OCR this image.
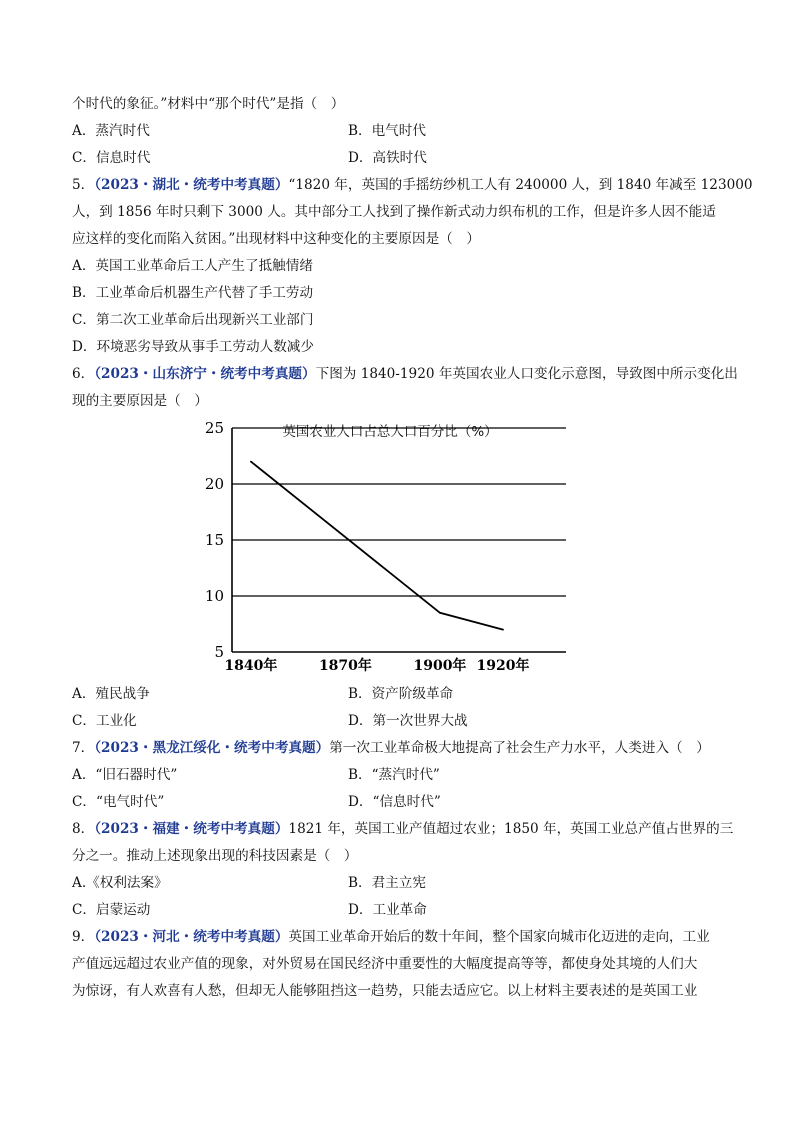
个时代的象征。”材料中“那个时代”是指（　）
A．蒸汽时代	B．电气时代
C．信息时代	D．高铁时代
5．（2023・湖北・统考中考真题）“1820 年，英国的手摇纺纱机工人有 240000 人，到 1840 年减至 123000
人，到 1856 年时只剩下 3000 人。其中部分工人找到了操作新式动力织布机的工作，但是许多人因不能适
应这样的变化而陷入贫困。”出现材料中这种变化的主要原因是（　）
A．英国工业革命后工人产生了抵触情绪
B．工业革命后机器生产代替了手工劳动
C．第二次工业革命后出现新兴工业部门
D．环境恶劣导致从事手工劳动人数减少
6．（2023・山东济宁・统考中考真题）下图为 1840-1920 年英国农业人口变化示意图，导致图中所示变化出
现的主要原因是（　）
英国农业人口占总人口百分比（%）
5
10
15
20
25
1840年	1870年	1900年 1920年
A．殖民战争	B．资产阶级革命
C．工业化	D．第一次世界大战
7．（2023・黑龙江绥化・统考中考真题）第一次工业革命极大地提高了社会生产力水平，人类进入（　）
A．“旧石器时代”	B．“蒸汽时代”
C．“电气时代”	D．“信息时代”
8．（2023・福建・统考中考真题）1821 年，英国工业产值超过农业；1850 年，英国工业总产值占世界的三
分之一。推动上述现象出现的科技因素是（　）
A.《权利法案》	B．君主立宪
C．启蒙运动	D．工业革命
9．（2023・河北・统考中考真题）英国工业革命开始后的数十年间，整个国家向城市化迈进的走向，工业
产值远远超过农业产值的现象，对外贸易在国民经济中重要性的大幅度提高等等，都使身处其境的人们大
为惊讶，有人欢喜有人愁，但却无人能够阻挡这一趋势，只能去适应它。以上材料主要表述的是英国工业
